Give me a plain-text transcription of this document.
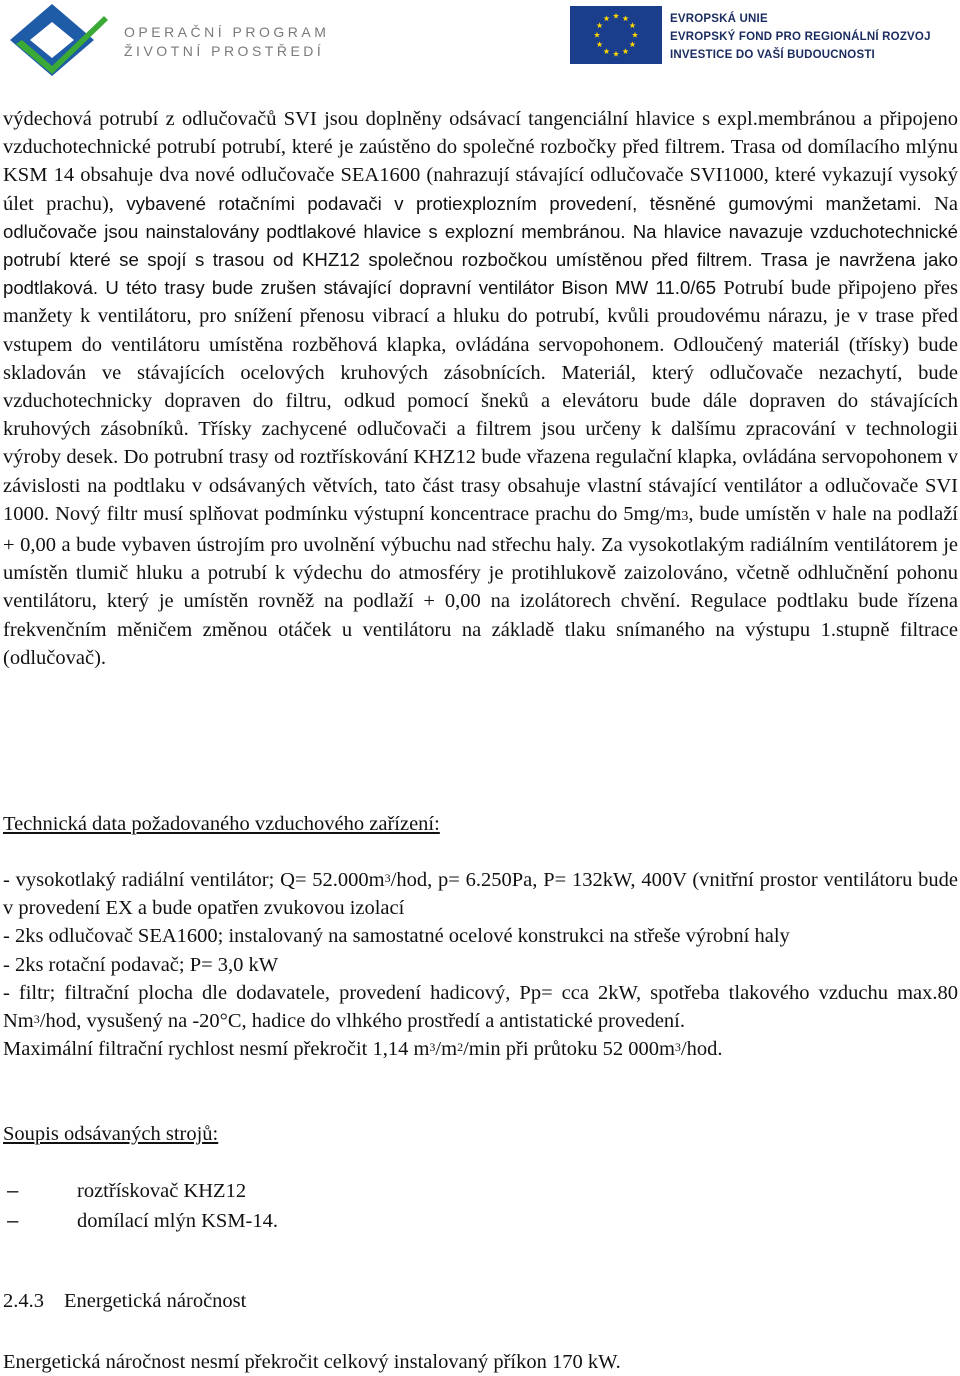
OPERAČNÍ PROGRAM
ŽIVOTNÍ PROSTŘEDÍ
EVROPSKÁ UNIE
EVROPSKÝ FOND PRO REGIONÁLNÍ ROZVOJ
INVESTICE DO VAŠÍ BUDOUCNOSTI
výdechová potrubí z odlučovačů SVI jsou doplněny odsávací tangenciální hlavice s expl.membránou a připojeno vzduchotechnické potrubí potrubí, které je zaústěno do společné rozbočky před filtrem. Trasa od domílacího mlýnu KSM 14 obsahuje dva nové odlučovače SEA1600 (nahrazují stávající odlučovače SVI1000, které vykazují vysoký úlet prachu), vybavené rotačními podavači v protiexplozním provedení, těsněné gumovými manžetami. Na odlučovače jsou nainstalovány podtlakové hlavice s explozní membránou. Na hlavice navazuje vzduchotechnické potrubí které se spojí s trasou od KHZ12 společnou rozbočkou umístěnou před filtrem. Trasa je navržena jako podtlaková. U této trasy bude zrušen stávající dopravní ventilátor Bison MW 11.0/65 Potrubí bude připojeno přes manžety k ventilátoru, pro snížení přenosu vibrací a hluku do potrubí, kvůli proudovému nárazu, je v trase před vstupem do ventilátoru umístěna rozběhová klapka, ovládána servopohonem. Odloučený materiál (třísky) bude skladován ve stávajících ocelových kruhových zásobnících. Materiál, který odlučovače nezachytí, bude vzduchotechnicky dopraven do filtru, odkud pomocí šneků a elevátoru bude dále dopraven do stávajících kruhových zásobníků. Třísky zachycené odlučovači a filtrem jsou určeny k dalšímu zpracování v technologii výroby desek. Do potrubní trasy od roztřískování KHZ12 bude vřazena regulační klapka, ovládána servopohonem v závislosti na podtlaku v odsávaných větvích, tato část trasy obsahuje vlastní stávající ventilátor a odlučovače SVI 1000. Nový filtr musí splňovat podmínku výstupní koncentrace prachu do 5mg/m3, bude umístěn v hale na podlaží + 0,00 a bude vybaven ústrojím pro uvolnění výbuchu nad střechu haly. Za vysokotlakým radiálním ventilátorem je umístěn tlumič hluku a potrubí k výdechu do atmosféry je protihlukově zaizolováno, včetně odhlučnění pohonu ventilátoru, který je umístěn rovněž na podlaží + 0,00 na izolátorech chvění. Regulace podtlaku bude řízena frekvenčním měničem změnou otáček u ventilátoru na základě tlaku snímaného na výstupu 1.stupně filtrace (odlučovač).
Technická data požadovaného vzduchového zařízení:
- vysokotlaký radiální ventilátor; $Q= 52.000m^3$/hod, p= 6.250Pa, P= 132kW, 400V (vnitřní prostor ventilátoru bude v provedení EX a bude opatřen zvukovou izolací
- 2ks odlučovač SEA1600; instalovaný na samostatné ocelové konstrukci na střeše výrobní haly
- 2ks rotační podavač; P= 3,0 kW
- filtr; filtrační plocha dle dodavatele, provedení hadicový, Pp= cca 2kW, spotřeba tlakového vzduchu max.80 Nm$^3$/hod, vysušený na -20°C, hadice do vlhkého prostředí a antistatické provedení.
Maximální filtrační rychlost nesmí překročit 1,14 $m^3/m^2/\min$ při průtoku 52 $000m^3$/hod.
Soupis odsávaných strojů:
–	roztřískovač KHZ12
–	domílací mlýn KSM-14.
2.4.3 Energetická náročnost
Energetická náročnost nesmí překročit celkový instalovaný příkon 170 kW.
